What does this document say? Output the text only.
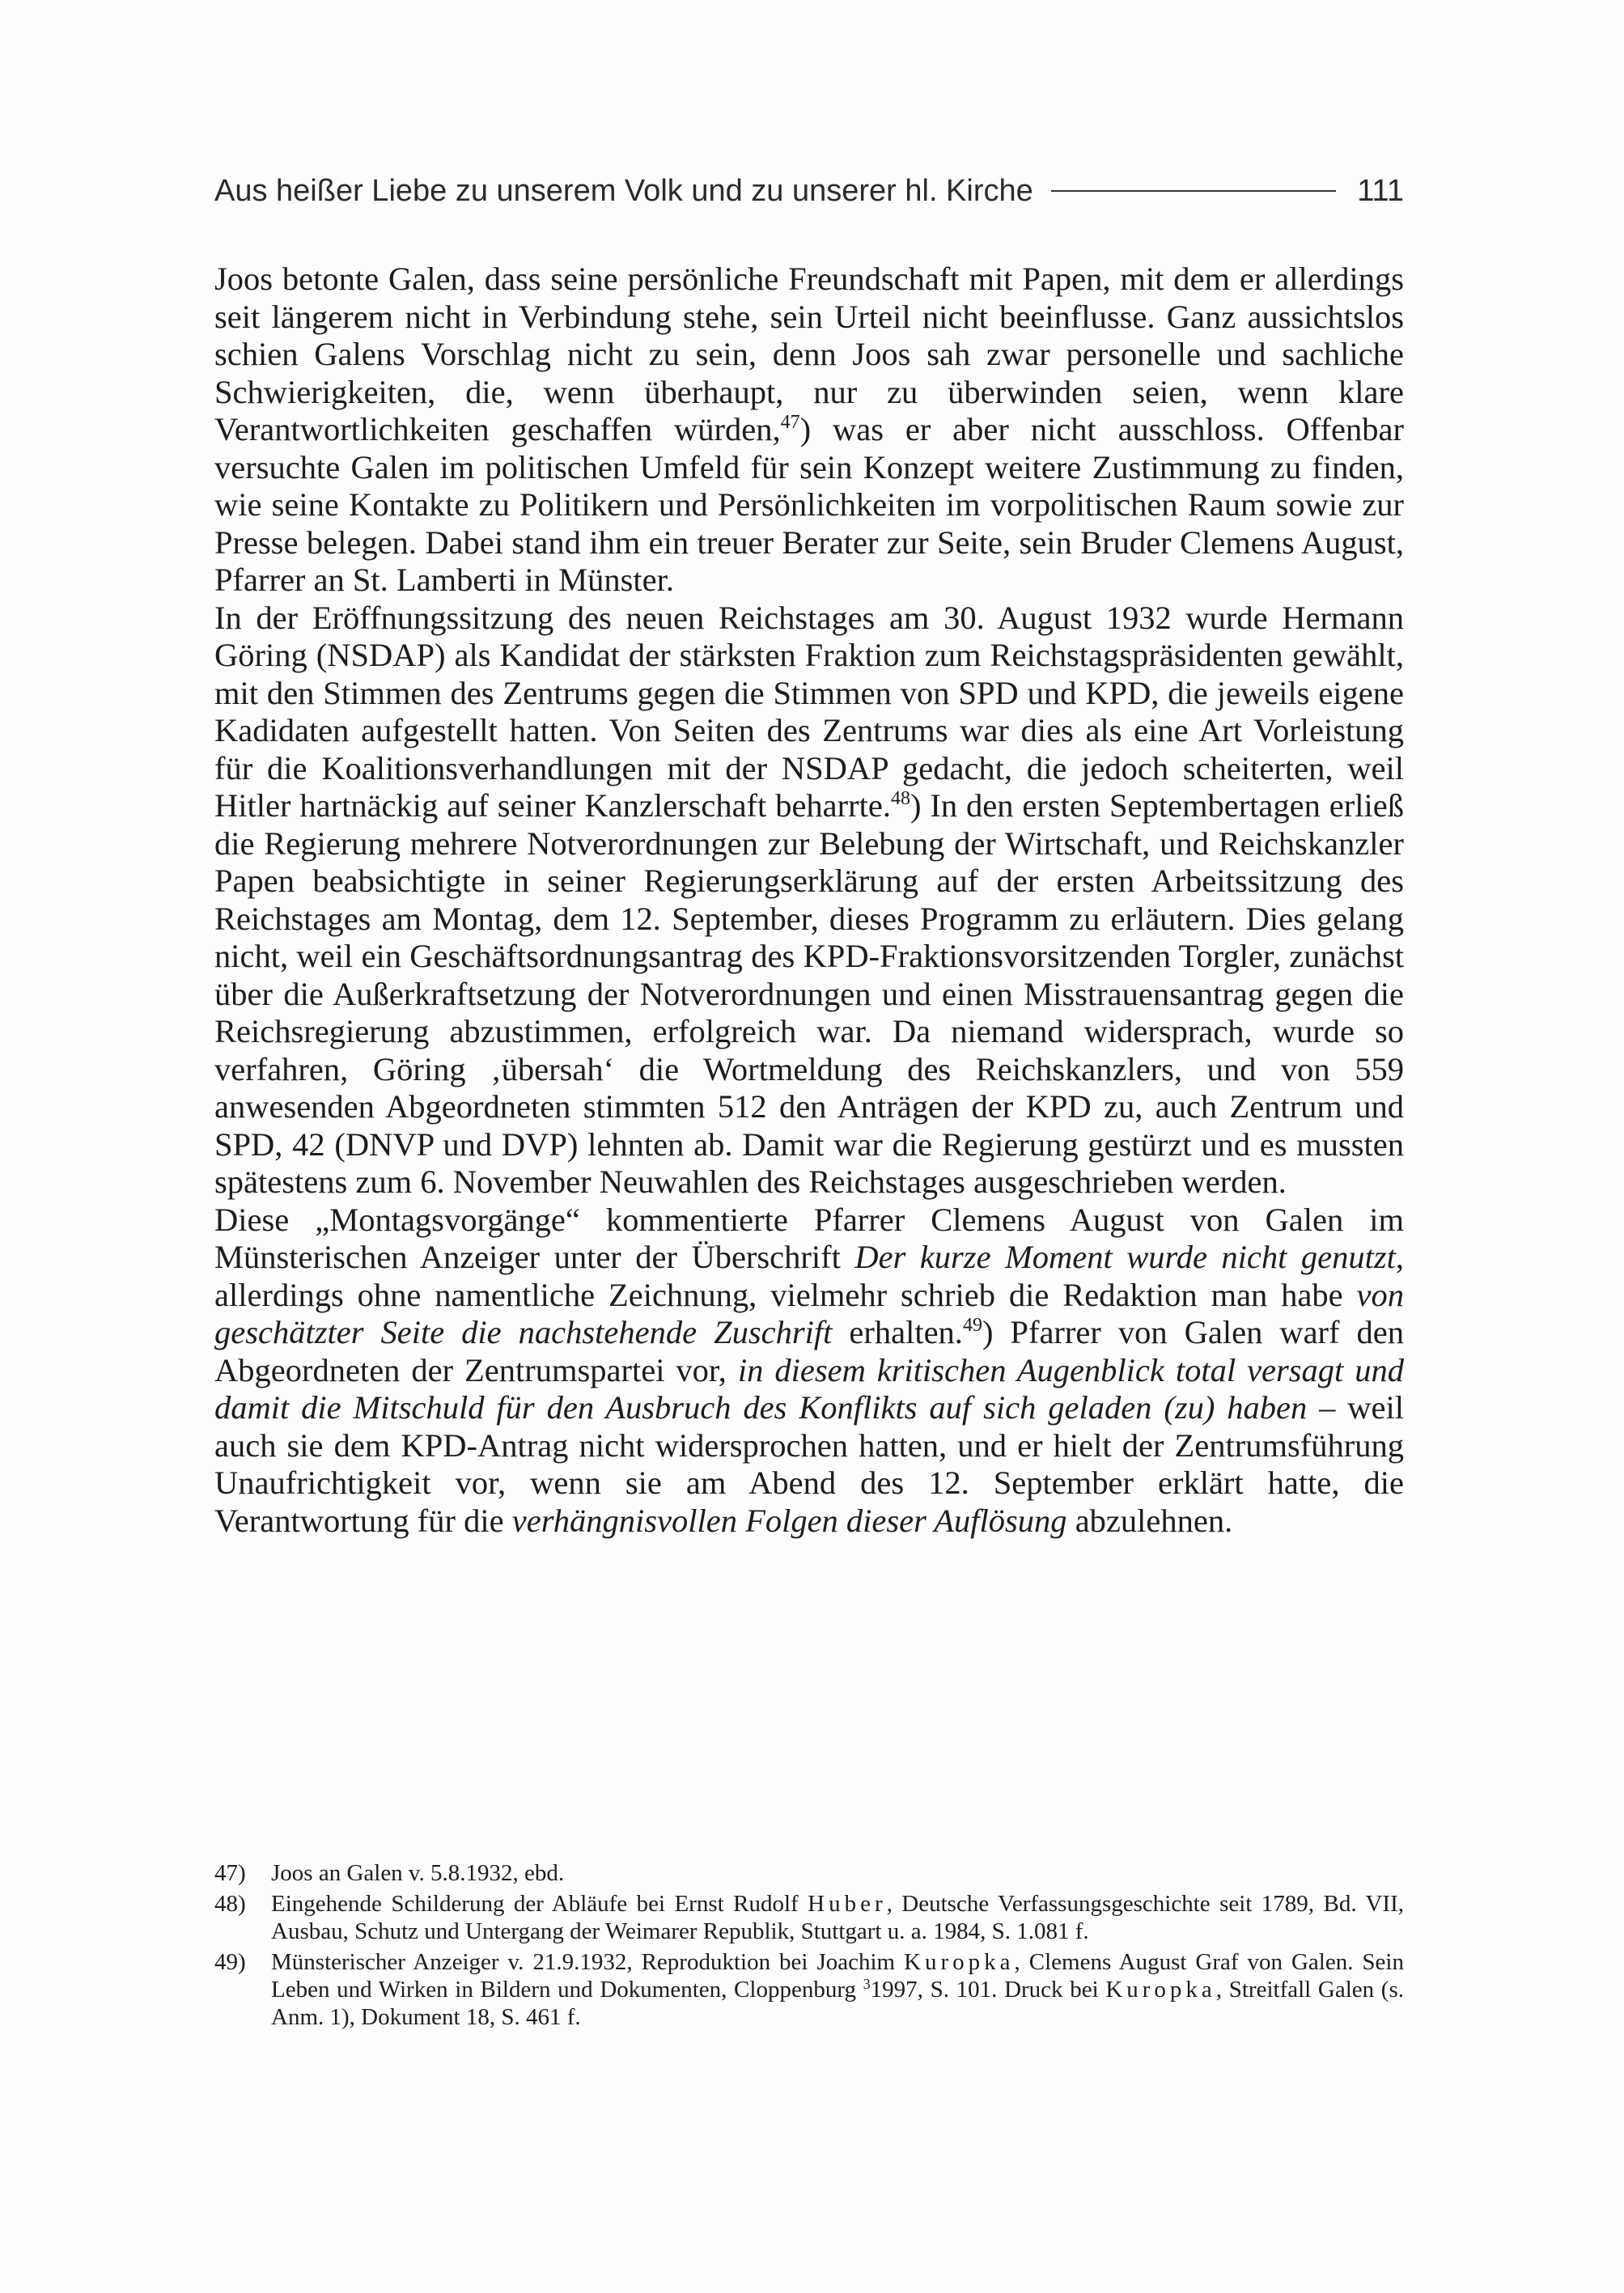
Aus heißer Liebe zu unserem Volk und zu unserer hl. Kirche	111

Joos betonte Galen, dass seine persönliche Freundschaft mit Papen, mit dem er allerdings seit längerem nicht in Verbindung stehe, sein Urteil nicht beeinflusse. Ganz aussichtslos schien Galens Vorschlag nicht zu sein, denn Joos sah zwar personelle und sachliche Schwierigkeiten, die, wenn überhaupt, nur zu überwinden seien, wenn klare Verantwortlichkeiten geschaffen würden,$^{47}$) was er aber nicht ausschloss. Offenbar versuchte Galen im politischen Umfeld für sein Konzept weitere Zustimmung zu finden, wie seine Kontakte zu Politikern und Persönlichkeiten im vorpolitischen Raum sowie zur Presse belegen. Dabei stand ihm ein treuer Berater zur Seite, sein Bruder Clemens August, Pfarrer an St. Lamberti in Münster.

In der Eröffnungssitzung des neuen Reichstages am 30. August 1932 wurde Hermann Göring (NSDAP) als Kandidat der stärksten Fraktion zum Reichstagspräsidenten gewählt, mit den Stimmen des Zentrums gegen die Stimmen von SPD und KPD, die jeweils eigene Kadidaten aufgestellt hatten. Von Seiten des Zentrums war dies als eine Art Vorleistung für die Koalitionsverhandlungen mit der NSDAP gedacht, die jedoch scheiterten, weil Hitler hartnäckig auf seiner Kanzlerschaft beharrte.$^{48}$) In den ersten Septembertagen erließ die Regierung mehrere Notverordnungen zur Belebung der Wirtschaft, und Reichskanzler Papen beabsichtigte in seiner Regierungserklärung auf der ersten Arbeitssitzung des Reichstages am Montag, dem 12. September, dieses Programm zu erläutern. Dies gelang nicht, weil ein Geschäftsordnungsantrag des KPD-Fraktionsvorsitzenden Torgler, zunächst über die Außerkraftsetzung der Notverordnungen und einen Misstrauensantrag gegen die Reichsregierung abzustimmen, erfolgreich war. Da niemand widersprach, wurde so verfahren, Göring ‚übersah‘ die Wortmeldung des Reichskanzlers, und von 559 anwesenden Abgeordneten stimmten 512 den Anträgen der KPD zu, auch Zentrum und SPD, 42 (DNVP und DVP) lehnten ab. Damit war die Regierung gestürzt und es mussten spätestens zum 6. November Neuwahlen des Reichstages ausgeschrieben werden.

Diese „Montagsvorgänge“ kommentierte Pfarrer Clemens August von Galen im Münsterischen Anzeiger unter der Überschrift Der kurze Moment wurde nicht genutzt, allerdings ohne namentliche Zeichnung, vielmehr schrieb die Redaktion man habe von geschätzter Seite die nachstehende Zuschrift erhalten.$^{49}$) Pfarrer von Galen warf den Abgeordneten der Zentrumspartei vor, in diesem kritischen Augenblick total versagt und damit die Mitschuld für den Ausbruch des Konflikts auf sich geladen (zu) haben – weil auch sie dem KPD-Antrag nicht widersprochen hatten, und er hielt der Zentrumsführung Unaufrichtigkeit vor, wenn sie am Abend des 12. September erklärt hatte, die Verantwortung für die verhängnisvollen Folgen dieser Auflösung abzulehnen.

47)	Joos an Galen v. 5.8.1932, ebd.
48)	Eingehende Schilderung der Abläufe bei Ernst Rudolf Huber, Deutsche Verfassungsgeschichte seit 1789, Bd. VII, Ausbau, Schutz und Untergang der Weimarer Republik, Stuttgart u. a. 1984, S. 1.081 f.
49)	Münsterischer Anzeiger v. 21.9.1932, Reproduktion bei Joachim Kuropka, Clemens August Graf von Galen. Sein Leben und Wirken in Bildern und Dokumenten, Cloppenburg $^3$1997, S. 101. Druck bei Kuropka, Streitfall Galen (s. Anm. 1), Dokument 18, S. 461 f.
